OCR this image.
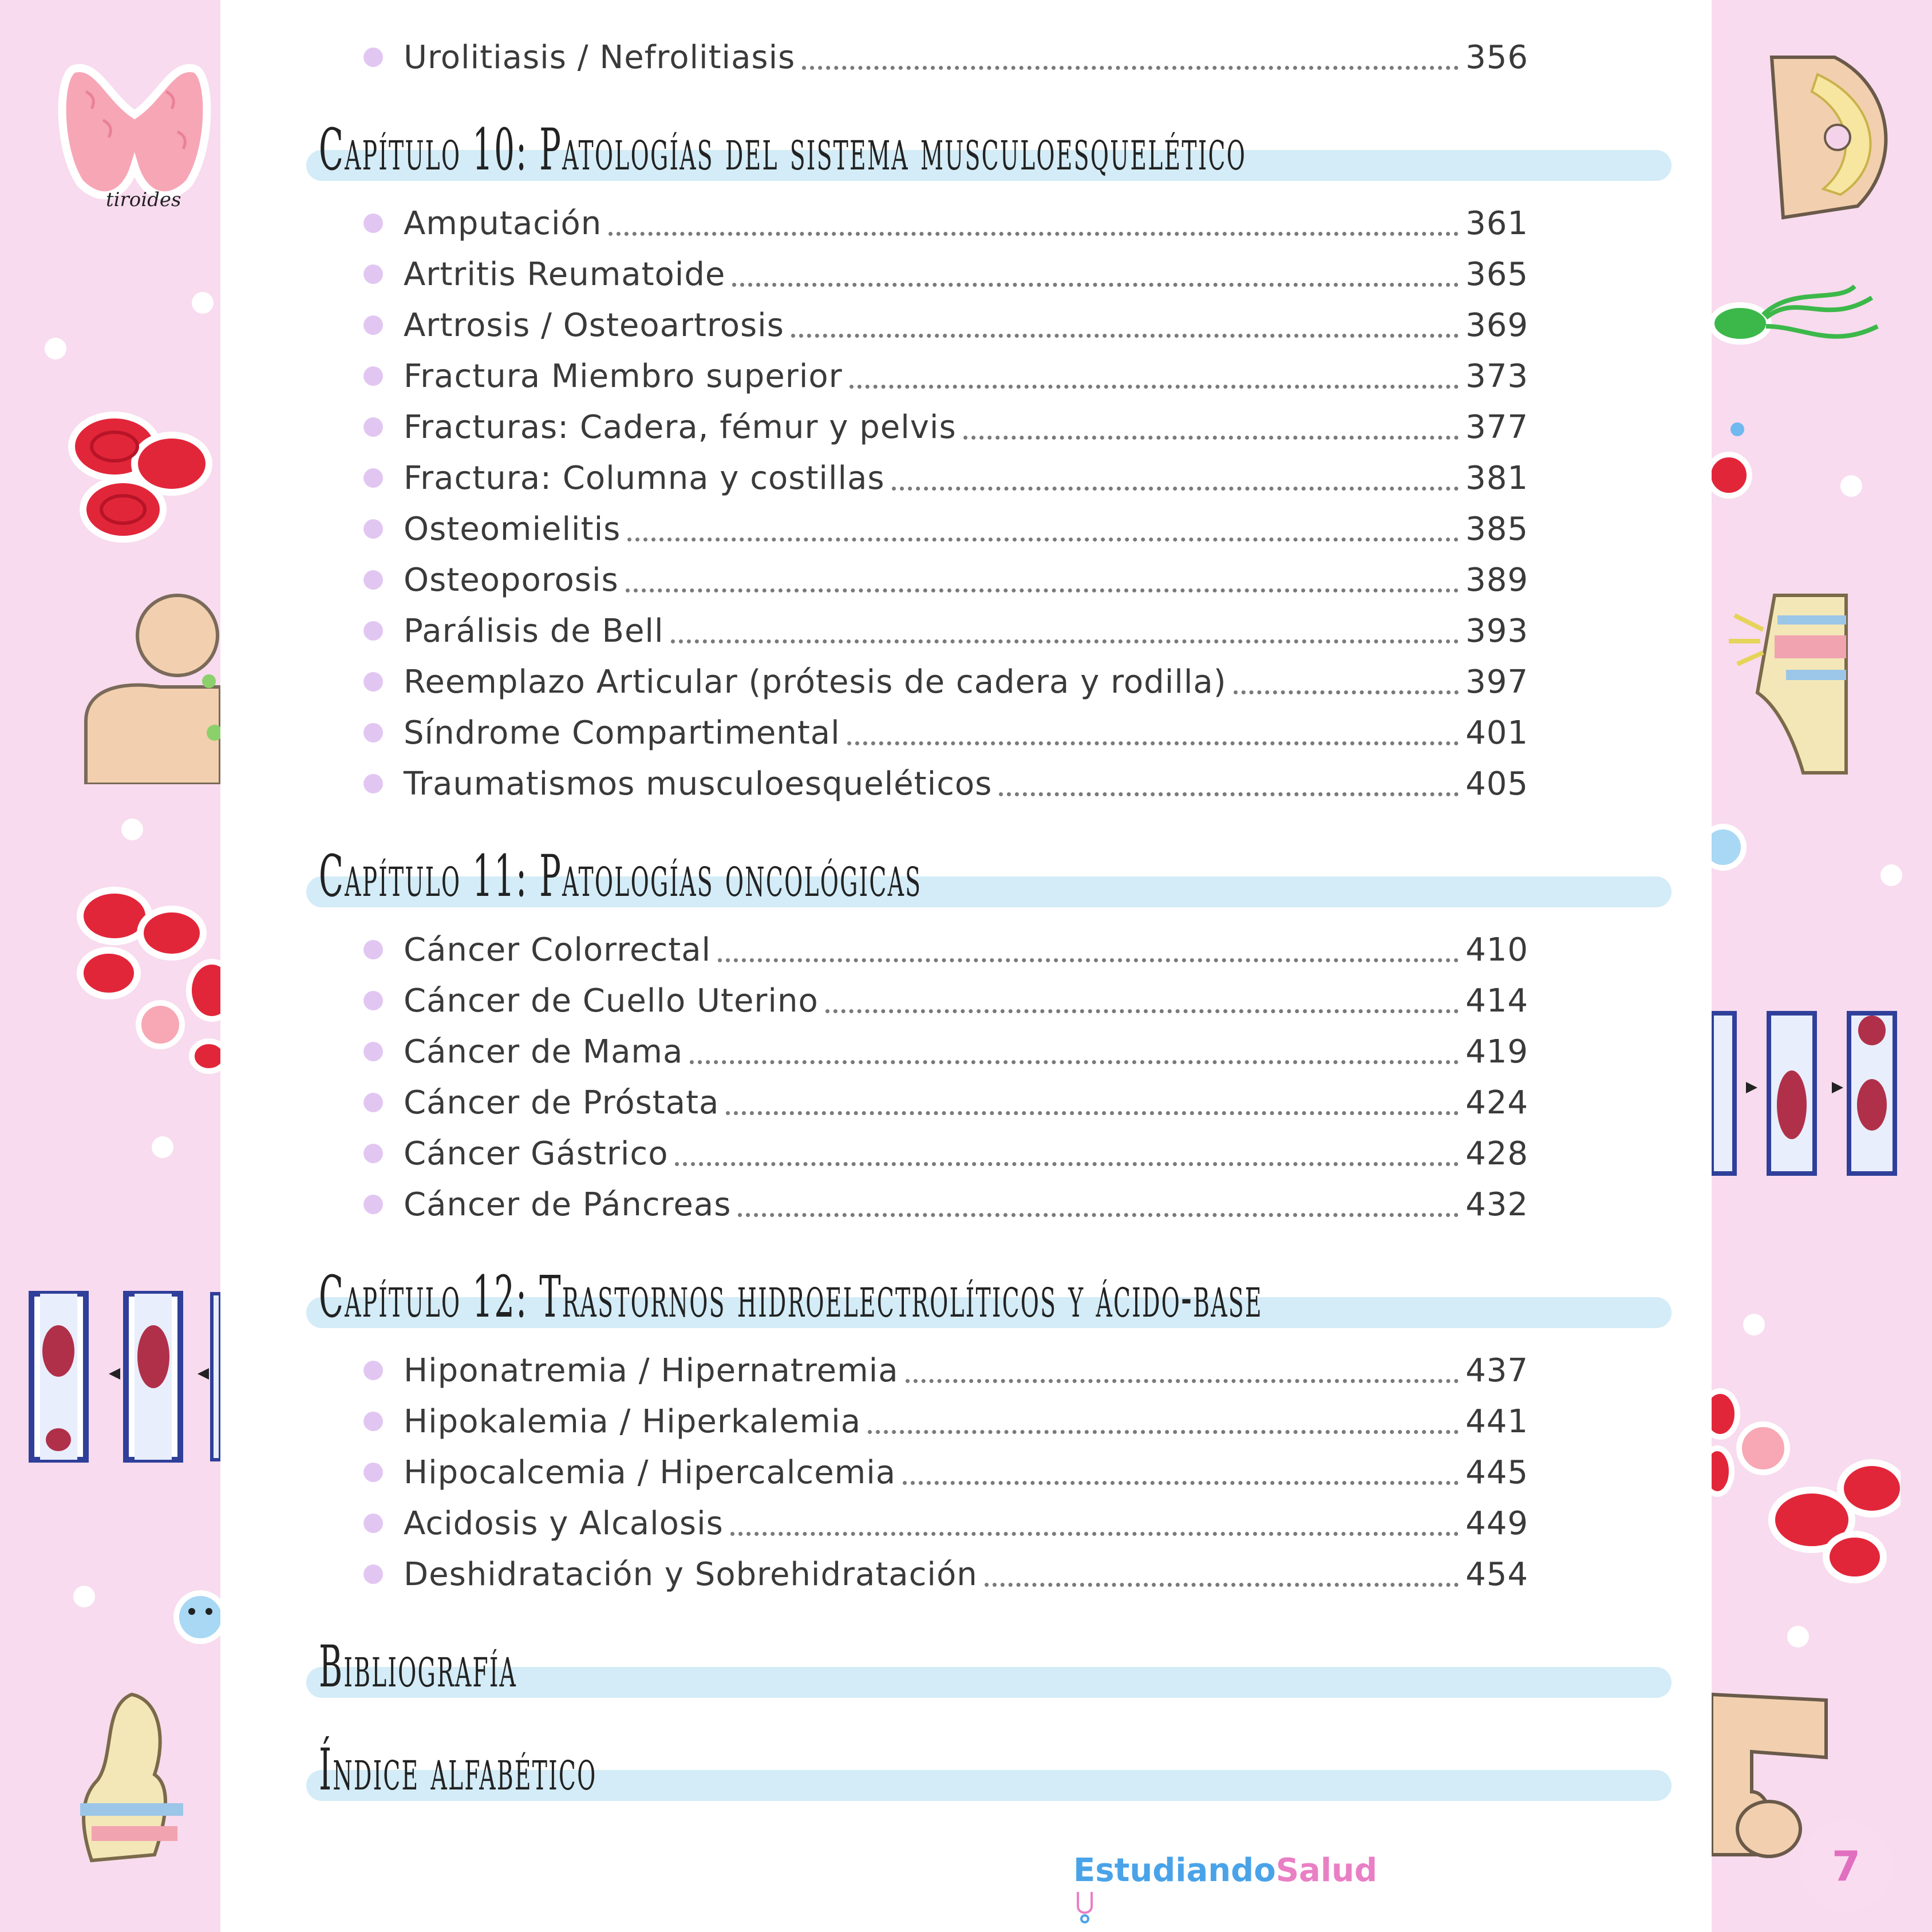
tiroides
Urolitiasis / Nefrolitiasis	356
Capítulo 10: Patologías del sistema musculoesquelético
Amputación	361
Artritis Reumatoide	365
Artrosis / Osteoartrosis	369
Fractura Miembro superior	373
Fracturas: Cadera, fémur y pelvis	377
Fractura: Columna y costillas	381
Osteomielitis	385
Osteoporosis	389
Parálisis de Bell	393
Reemplazo Articular (prótesis de cadera y rodilla)	397
Síndrome Compartimental	401
Traumatismos musculoesqueléticos	405
Capítulo 11: Patologías oncológicas
Cáncer Colorrectal	410
Cáncer de Cuello Uterino	414
Cáncer de Mama	419
Cáncer de Próstata	424
Cáncer Gástrico	428
Cáncer de Páncreas	432
Capítulo 12: Trastornos hidroelectrolíticos y ácido-base
Hiponatremia / Hipernatremia	437
Hipokalemia / Hiperkalemia	441
Hipocalcemia / Hipercalcemia	445
Acidosis y Alcalosis	449
Deshidratación y Sobrehidratación	454
Bibliografía
Índice alfabético
EstudiandoSalud	7
